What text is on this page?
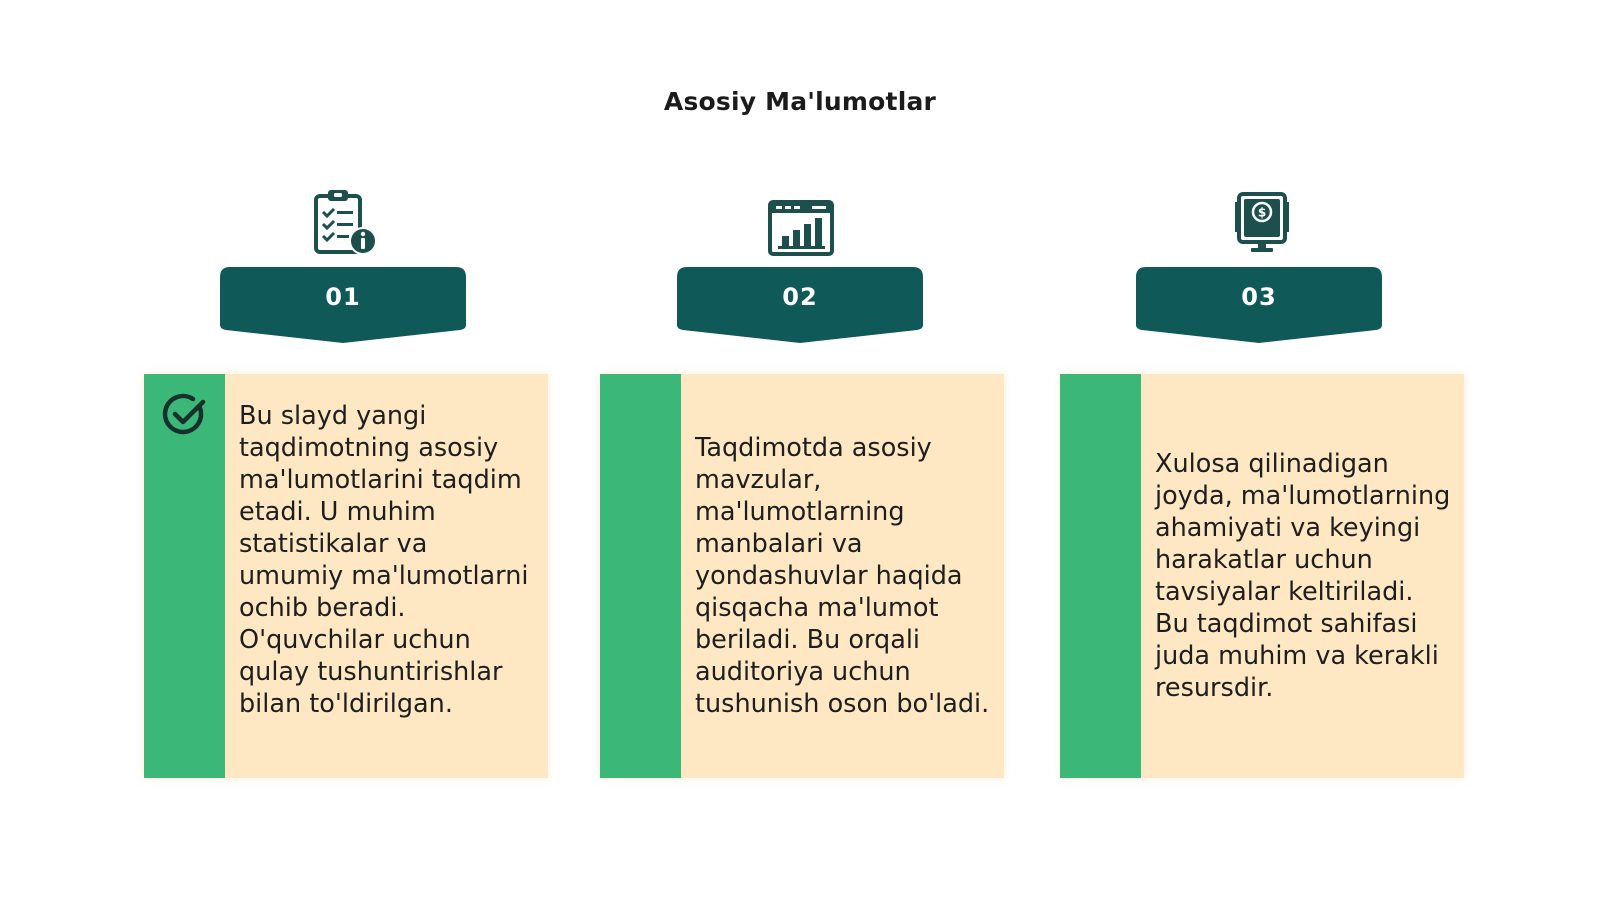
Asosiy Ma'lumotlar
01
Bu slayd yangi taqdimotning asosiy ma'lumotlarini taqdim etadi. U muhim statistikalar va umumiy ma'lumotlarni ochib beradi. O'quvchilar uchun qulay tushuntirishlar bilan to'ldirilgan.
02
Taqdimotda asosiy mavzular, ma'lumotlarning manbalari va yondashuvlar haqida qisqacha ma'lumot beriladi. Bu orqali auditoriya uchun tushunish oson bo'ladi.
$
03
Xulosa qilinadigan joyda, ma'lumotlarning ahamiyati va keyingi harakatlar uchun tavsiyalar keltiriladi. Bu taqdimot sahifasi juda muhim va kerakli resursdir.
